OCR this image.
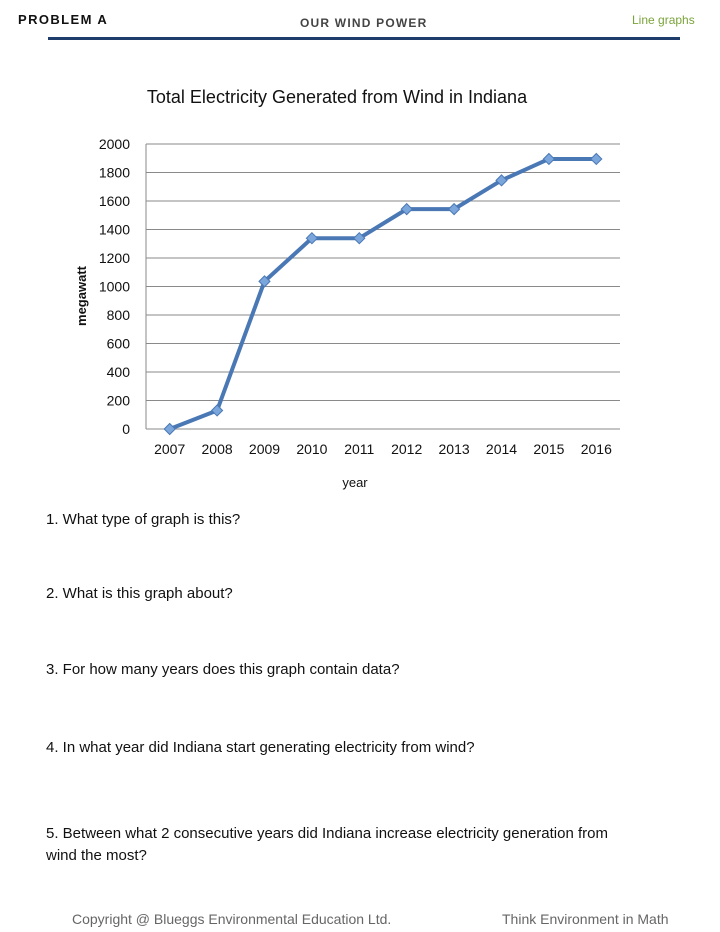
PROBLEM A	OUR WIND POWER	Line graphs
Total Electricity Generated from Wind in Indiana
0
200
400
600
800
1000
1200
1400
1600
1800
2000
2007 2008 2009 2010 2011 2012 2013 2014 2015 2016
megawatt
year
1. What type of graph is this?
2. What is this graph about?
3. For how many years does this graph contain data?
4. In what year did Indiana start generating electricity from wind?
5. Between what 2 consecutive years did Indiana increase electricity generation from
wind the most?
Copyright @ Blueggs Environmental Education Ltd.	Think Environment in Math
